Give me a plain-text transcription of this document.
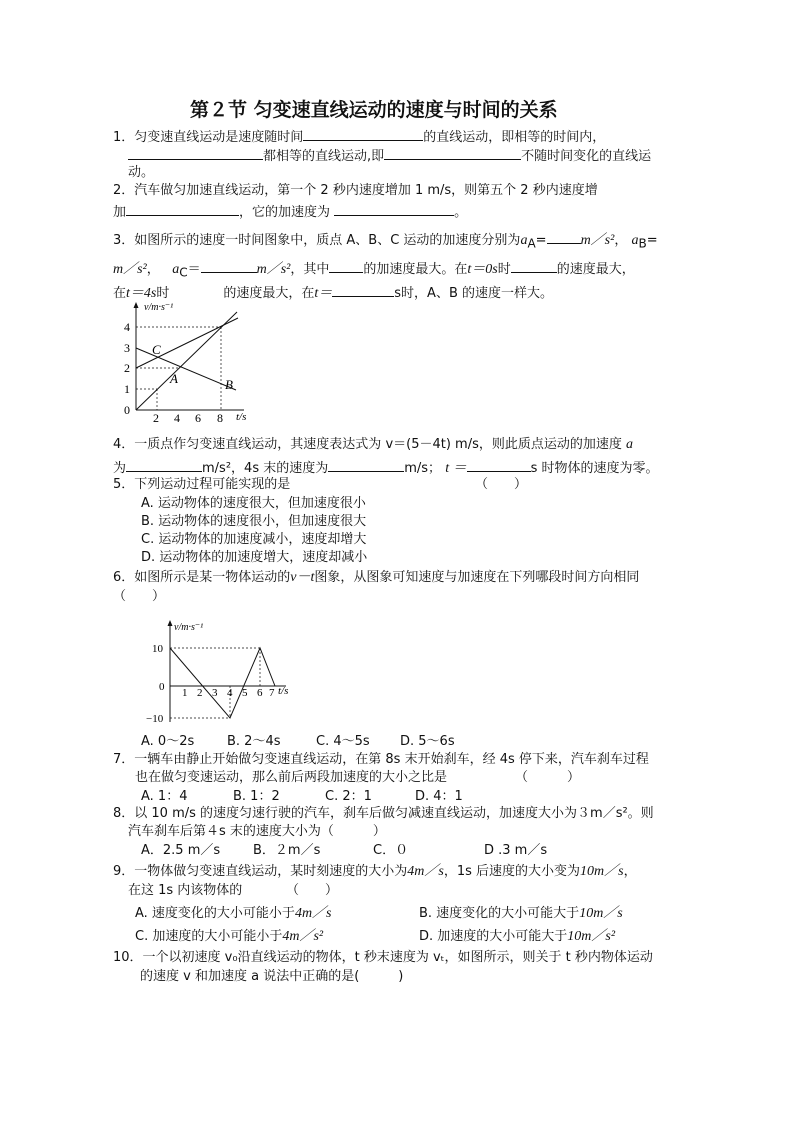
第２节 匀变速直线运动的速度与时间的关系
1．匀变速直线运动是速度随时间	的直线运动，即相等的时间内，
都相等的直线运动,即	不随时间变化的直线运
动。
2．汽车做匀加速直线运动，第一个 2 秒内速度增加 1 m/s，则第五个 2 秒内速度增
加	，它的加速度为	。
3．如图所示的速度一时间图象中，质点 A、B、C 运动的加速度分别为$a_A=$ m／s²， $a_B=$
m／s²， $a_C=$	m／s²，其中	的加速度最大。在t＝0s时	的速度最大，
在t＝4s时	的速度最大，在t＝	s时，A、B 的速度一样大。
v/m·s⁻¹
t/s
4
3
2
1
0
2 4 6 8
C
A	B
4．一质点作匀变速直线运动，其速度表达式为 v＝(5－4t) m/s，则此质点运动的加速度 a
为	m/s²，4s 末的速度为	m/s； t ＝	s 时物体的速度为零。
5．下列运动过程可能实现的是	（　　）
A. 运动物体的速度很大，但加速度很小
B. 运动物体的速度很小，但加速度很大
C. 运动物体的加速度减小，速度却增大
D. 运动物体的加速度增大，速度却减小
6．如图所示是某一物体运动的v－t图象，从图象可知速度与加速度在下列哪段时间方向相同
（　　）
v/m·s⁻¹
t/s
10
0
−10
1 2 3 4 5 6 7
A. 0～2s	B. 2～4s	C. 4～5s D. 5～6s
7．一辆车由静止开始做匀变速直线运动，在第 8s 末开始刹车，经 4s 停下来，汽车刹车过程
也在做匀变速运动，那么前后两段加速度的大小之比是	（　　　）
A. 1：4	B. 1：2	C. 2：1	D. 4：1
8．以 10 m/s 的速度匀速行驶的汽车，刹车后做匀减速直线运动，加速度大小为３m／s²。则
汽车刹车后第４s 末的速度大小为（　　　）
A．2.5 m／s	B．２m／s	C．０	D .3 m／s
9．一物体做匀变速直线运动，某时刻速度的大小为4m／s，1s 后速度的大小变为10m／s，
在这 1s 内该物体的	（　　）
A. 速度变化的大小可能小于4m／s	B. 速度变化的大小可能大于10m／s
C. 加速度的大小可能小于4m／s²	D. 加速度的大小可能大于10m／s²
10．一个以初速度 v₀沿直线运动的物体，t 秒末速度为 vₜ，如图所示，则关于 t 秒内物体运动
的速度 v 和加速度 a 说法中正确的是(　　　)
